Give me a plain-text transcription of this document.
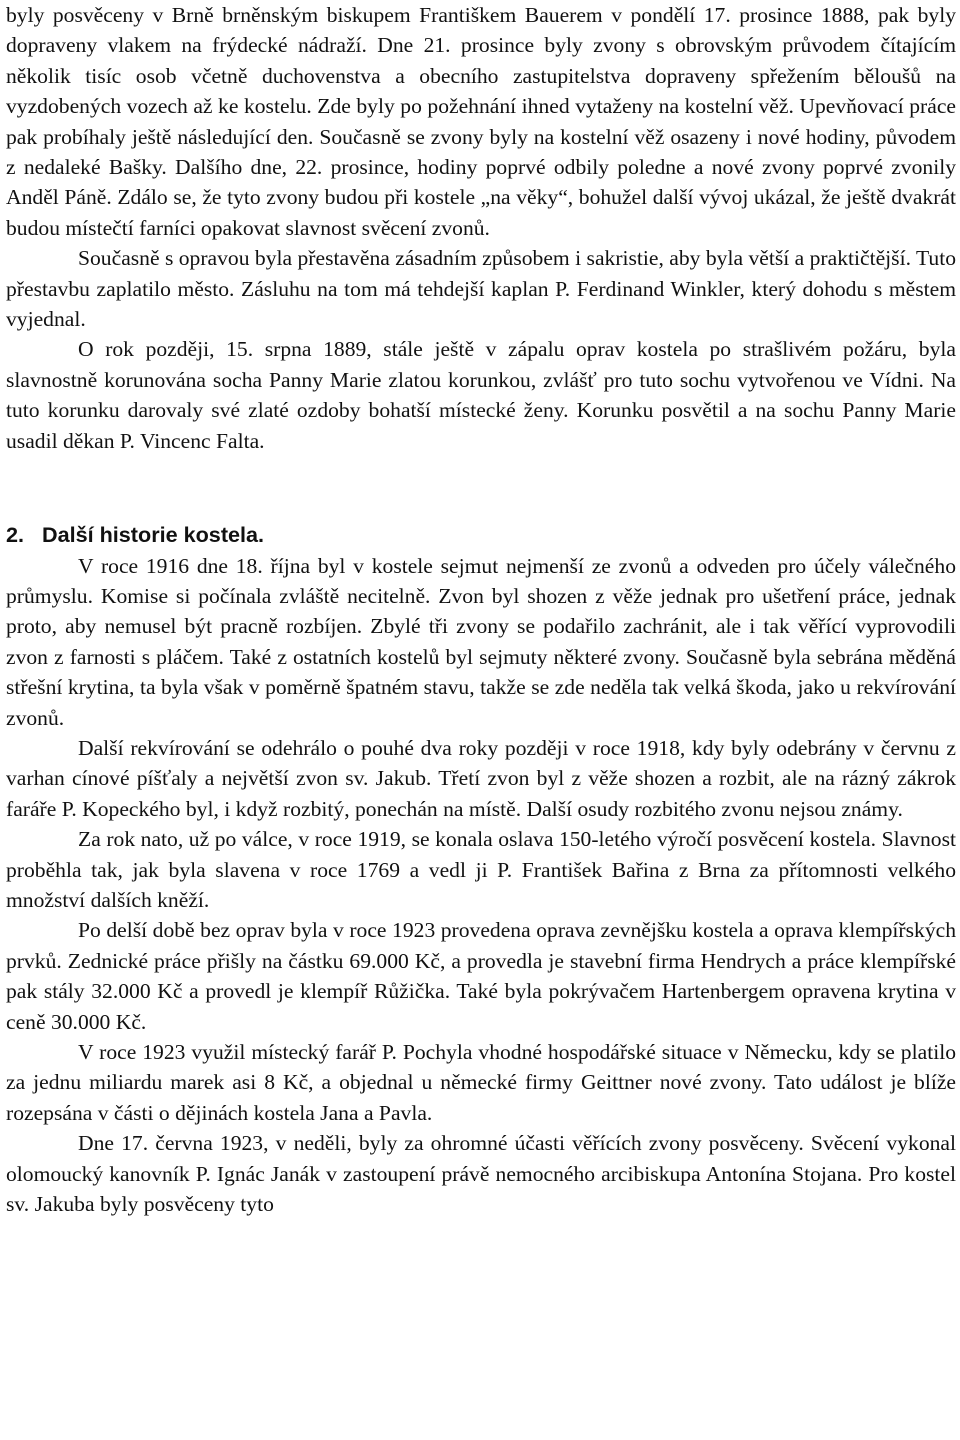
byly posvěceny v Brně brněnským biskupem Františkem Bauerem v pondělí 17. prosince 1888, pak byly dopraveny vlakem na frýdecké nádraží. Dne 21. prosince byly zvony s obrovským průvodem čítajícím několik tisíc osob včetně duchovenstva a obecního zastupitelstva dopraveny spřežením běloušů na vyzdobených vozech až ke kostelu. Zde byly po požehnání ihned vytaženy na kostelní věž. Upevňovací práce pak probíhaly ještě následující den. Současně se zvony byly na kostelní věž osazeny i nové hodiny, původem z nedaleké Bašky. Dalšího dne, 22. prosince, hodiny poprvé odbily poledne a nové zvony poprvé zvonily Anděl Páně. Zdálo se, že tyto zvony budou při kostele „na věky“, bohužel další vývoj ukázal, že ještě dvakrát budou místečtí farníci opakovat slavnost svěcení zvonů.

Současně s opravou byla přestavěna zásadním způsobem i sakristie, aby byla větší a praktičtější. Tuto přestavbu zaplatilo město. Zásluhu na tom má tehdejší kaplan P. Ferdinand Winkler, který dohodu s městem vyjednal.

O rok později, 15. srpna 1889, stále ještě v zápalu oprav kostela po strašlivém požáru, byla slavnostně korunována socha Panny Marie zlatou korunkou, zvlášť pro tuto sochu vytvořenou ve Vídni. Na tuto korunku darovaly své zlaté ozdoby bohatší místecké ženy. Korunku posvětil a na sochu Panny Marie usadil děkan P. Vincenc Falta.

2. Další historie kostela.

V roce 1916 dne 18. října byl v kostele sejmut nejmenší ze zvonů a odveden pro účely válečného průmyslu. Komise si počínala zvláště necitelně. Zvon byl shozen z věže jednak pro ušetření práce, jednak proto, aby nemusel být pracně rozbíjen. Zbylé tři zvony se podařilo zachránit, ale i tak věřící vyprovodili zvon z farnosti s pláčem. Také z ostatních kostelů byl sejmuty některé zvony. Současně byla sebrána měděná střešní krytina, ta byla však v poměrně špatném stavu, takže se zde neděla tak velká škoda, jako u rekvírování zvonů.

Další rekvírování se odehrálo o pouhé dva roky později v roce 1918, kdy byly odebrány v červnu z varhan cínové píšťaly a největší zvon sv. Jakub. Třetí zvon byl z věže shozen a rozbit, ale na rázný zákrok faráře P. Kopeckého byl, i když rozbitý, ponechán na místě. Další osudy rozbitého zvonu nejsou známy.

Za rok nato, už po válce, v roce 1919, se konala oslava 150-letého výročí posvěcení kostela. Slavnost proběhla tak, jak byla slavena v roce 1769 a vedl ji P. František Bařina z Brna za přítomnosti velkého množství dalších kněží.

Po delší době bez oprav byla v roce 1923 provedena oprava zevnějšku kostela a oprava klempířských prvků. Zednické práce přišly na částku 69.000 Kč, a provedla je stavební firma Hendrych a práce klempířské pak stály 32.000 Kč a provedl je klempíř Růžička. Také byla pokrývačem Hartenbergem opravena krytina v ceně 30.000 Kč.

V roce 1923 využil místecký farář P. Pochyla vhodné hospodářské situace v Německu, kdy se platilo za jednu miliardu marek asi 8 Kč, a objednal u německé firmy Geittner nové zvony. Tato událost je blíže rozepsána v části o dějinách kostela Jana a Pavla.

Dne 17. června 1923, v neděli, byly za ohromné účasti věřících zvony posvěceny. Svěcení vykonal olomoucký kanovník P. Ignác Janák v zastoupení právě nemocného arcibiskupa Antonína Stojana. Pro kostel sv. Jakuba byly posvěceny tyto
